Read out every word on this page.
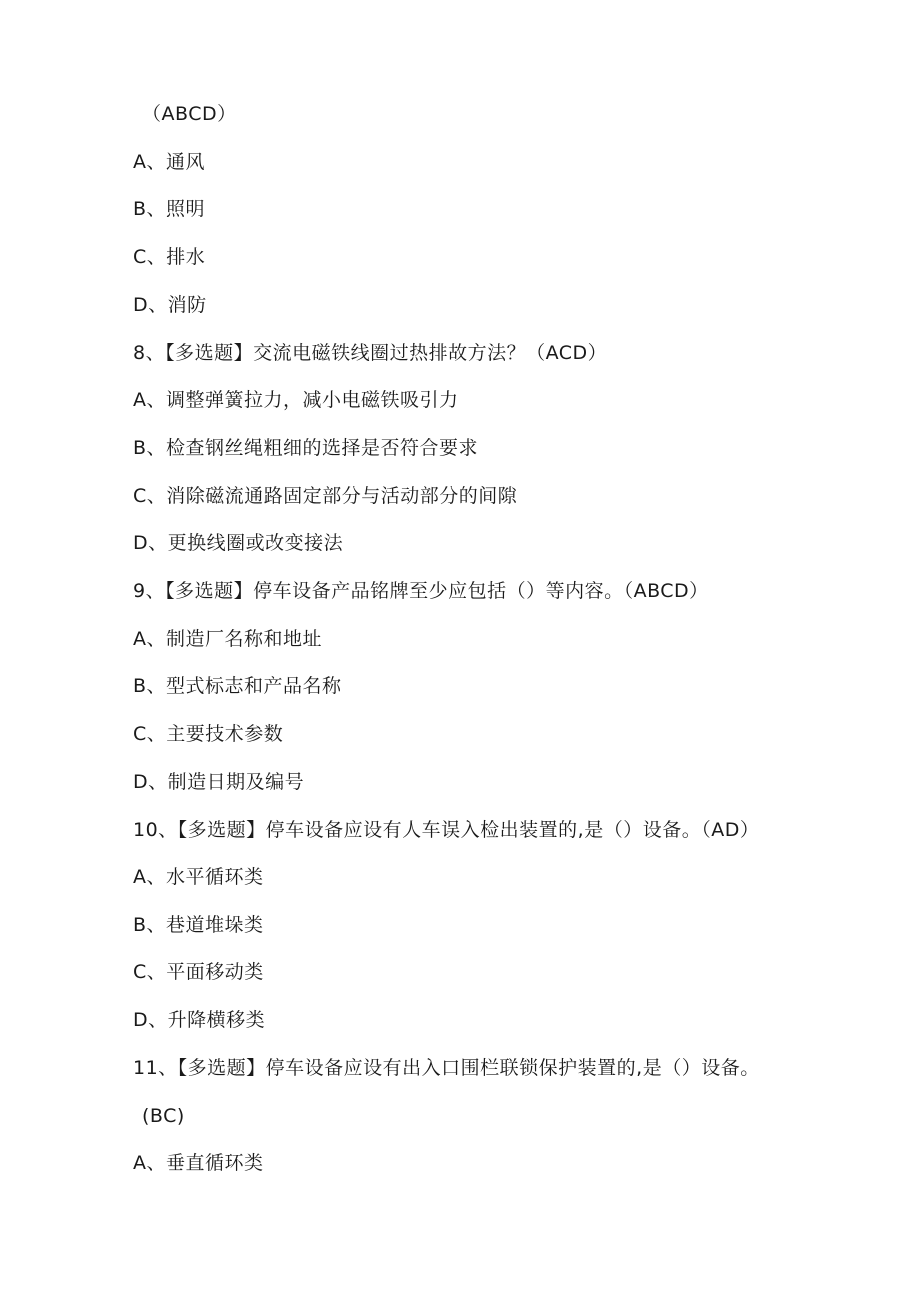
（ABCD）
A、通风
B、照明
C、排水
D、消防
8、【多选题】交流电磁铁线圈过热排故方法？（ACD）
A、调整弹簧拉力，减小电磁铁吸引力
B、检查钢丝绳粗细的选择是否符合要求
C、消除磁流通路固定部分与活动部分的间隙
D、更换线圈或改变接法
9、【多选题】停车设备产品铭牌至少应包括（）等内容。（ABCD）
A、制造厂名称和地址
B、型式标志和产品名称
C、主要技术参数
D、制造日期及编号
10、【多选题】停车设备应设有人车误入检出装置的,是（）设备。（AD）
A、水平循环类
B、巷道堆垛类
C、平面移动类
D、升降横移类
11、【多选题】停车设备应设有出入口围栏联锁保护装置的,是（）设备。
(BC)
A、垂直循环类
